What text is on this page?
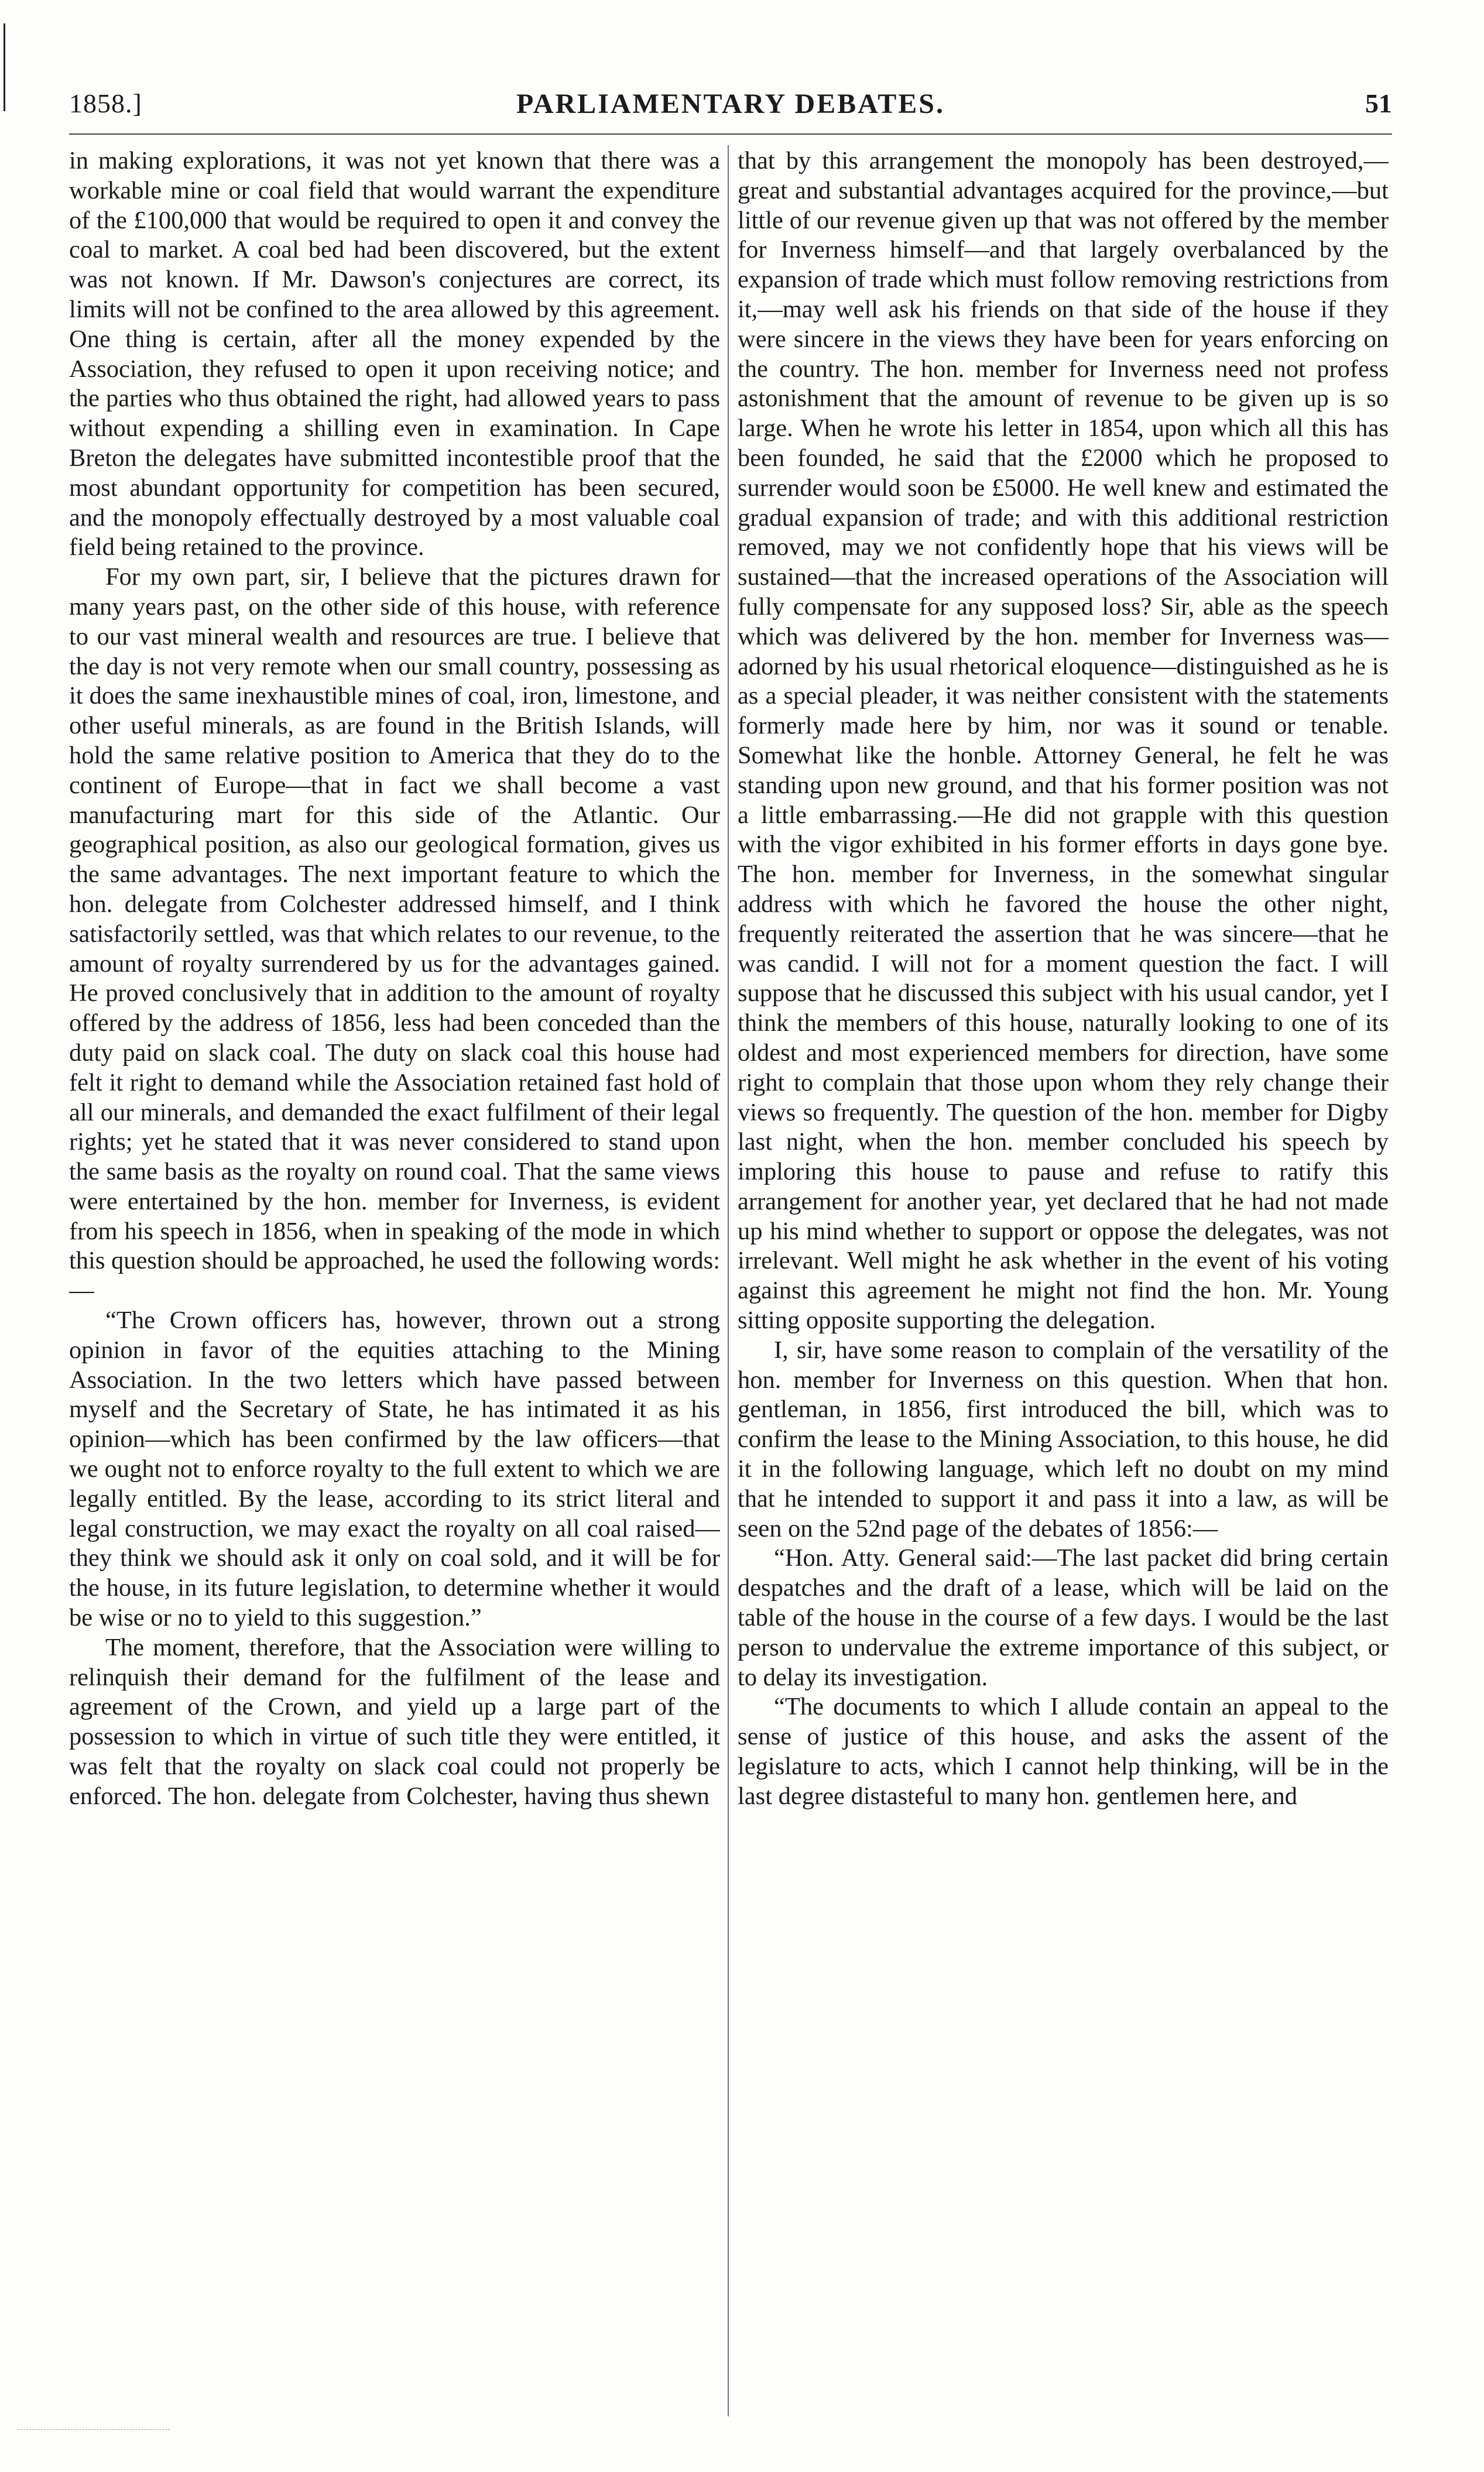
1858.]	PARLIAMENTARY DEBATES.	51

in making explorations, it was not yet known that there was a workable mine or coal field that would warrant the expenditure of the £100,000 that would be required to open it and convey the coal to market. A coal bed had been discovered, but the extent was not known. If Mr. Dawson's conjectures are correct, its limits will not be confined to the area allowed by this agreement. One thing is certain, after all the money expended by the Association, they refused to open it upon receiving notice; and the parties who thus obtained the right, had allowed years to pass without expending a shilling even in examination. In Cape Breton the delegates have submitted incontestible proof that the most abundant opportunity for competition has been secured, and the monopoly effectually destroyed by a most valuable coal field being retained to the province.

For my own part, sir, I believe that the pictures drawn for many years past, on the other side of this house, with reference to our vast mineral wealth and resources are true. I believe that the day is not very remote when our small country, possessing as it does the same inexhaustible mines of coal, iron, limestone, and other useful minerals, as are found in the British Islands, will hold the same relative position to America that they do to the continent of Europe—that in fact we shall become a vast manufacturing mart for this side of the Atlantic. Our geographical position, as also our geological formation, gives us the same advantages. The next important feature to which the hon. delegate from Colchester addressed himself, and I think satisfactorily settled, was that which relates to our revenue, to the amount of royalty surrendered by us for the advantages gained. He proved conclusively that in addition to the amount of royalty offered by the address of 1856, less had been conceded than the duty paid on slack coal. The duty on slack coal this house had felt it right to demand while the Association retained fast hold of all our minerals, and demanded the exact fulfilment of their legal rights; yet he stated that it was never considered to stand upon the same basis as the royalty on round coal. That the same views were entertained by the hon. member for Inverness, is evident from his speech in 1856, when in speaking of the mode in which this question should be approached, he used the following words:—

“The Crown officers has, however, thrown out a strong opinion in favor of the equities attaching to the Mining Association. In the two letters which have passed between myself and the Secretary of State, he has intimated it as his opinion—which has been confirmed by the law officers—that we ought not to enforce royalty to the full extent to which we are legally entitled. By the lease, according to its strict literal and legal construction, we may exact the royalty on all coal raised—they think we should ask it only on coal sold, and it will be for the house, in its future legislation, to determine whether it would be wise or no to yield to this suggestion.”

The moment, therefore, that the Association were willing to relinquish their demand for the fulfilment of the lease and agreement of the Crown, and yield up a large part of the possession to which in virtue of such title they were entitled, it was felt that the royalty on slack coal could not properly be enforced. The hon. delegate from Colchester, having thus shewn

that by this arrangement the monopoly has been destroyed,—great and substantial advantages acquired for the province,—but little of our revenue given up that was not offered by the member for Inverness himself—and that largely overbalanced by the expansion of trade which must follow removing restrictions from it,—may well ask his friends on that side of the house if they were sincere in the views they have been for years enforcing on the country. The hon. member for Inverness need not profess astonishment that the amount of revenue to be given up is so large. When he wrote his letter in 1854, upon which all this has been founded, he said that the £2000 which he proposed to surrender would soon be £5000. He well knew and estimated the gradual expansion of trade; and with this additional restriction removed, may we not confidently hope that his views will be sustained—that the increased operations of the Association will fully compensate for any supposed loss? Sir, able as the speech which was delivered by the hon. member for Inverness was—adorned by his usual rhetorical eloquence—distinguished as he is as a special pleader, it was neither consistent with the statements formerly made here by him, nor was it sound or tenable. Somewhat like the honble. Attorney General, he felt he was standing upon new ground, and that his former position was not a little embarrassing.—He did not grapple with this question with the vigor exhibited in his former efforts in days gone bye. The hon. member for Inverness, in the somewhat singular address with which he favored the house the other night, frequently reiterated the assertion that he was sincere—that he was candid. I will not for a moment question the fact. I will suppose that he discussed this subject with his usual candor, yet I think the members of this house, naturally looking to one of its oldest and most experienced members for direction, have some right to complain that those upon whom they rely change their views so frequently. The question of the hon. member for Digby last night, when the hon. member concluded his speech by imploring this house to pause and refuse to ratify this arrangement for another year, yet declared that he had not made up his mind whether to support or oppose the delegates, was not irrelevant. Well might he ask whether in the event of his voting against this agreement he might not find the hon. Mr. Young sitting opposite supporting the delegation.

I, sir, have some reason to complain of the versatility of the hon. member for Inverness on this question. When that hon. gentleman, in 1856, first introduced the bill, which was to confirm the lease to the Mining Association, to this house, he did it in the following language, which left no doubt on my mind that he intended to support it and pass it into a law, as will be seen on the 52nd page of the debates of 1856:—

“Hon. Atty. General said:—The last packet did bring certain despatches and the draft of a lease, which will be laid on the table of the house in the course of a few days. I would be the last person to undervalue the extreme importance of this subject, or to delay its investigation.

“The documents to which I allude contain an appeal to the sense of justice of this house, and asks the assent of the legislature to acts, which I cannot help thinking, will be in the last degree distasteful to many hon. gentlemen here, and
